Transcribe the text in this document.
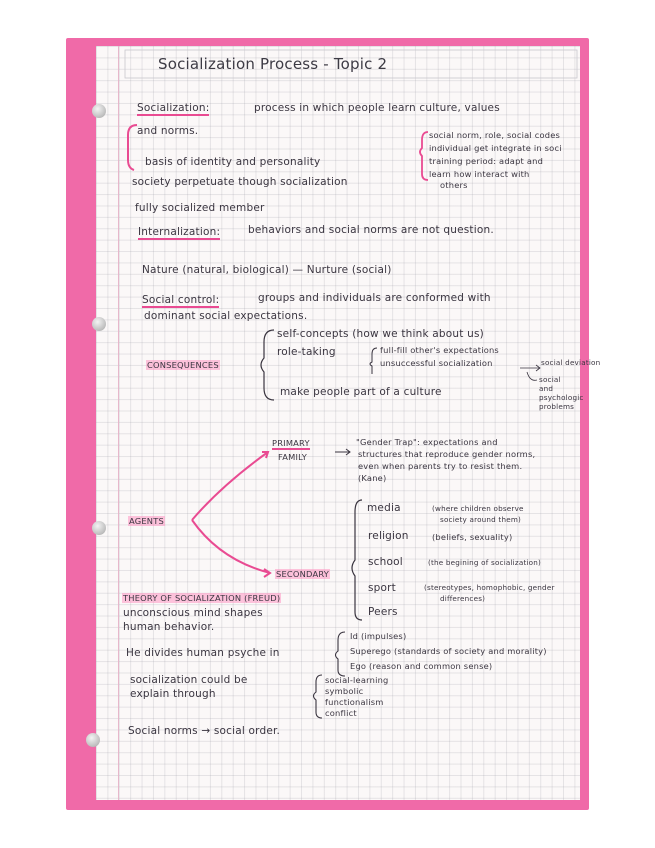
Socialization Process - Topic 2
Socialization:	process in which people learn culture, values
and norms.	social norm, role, social codes
individual get integrate in soci
training period: adapt and
learn how interact with
others
basis of identity and personality
society perpetuate though socialization
fully socialized member
Internalization:	behaviors and social norms are not question.
Nature (natural, biological) — Nurture (social)
Social control:	groups and individuals are conformed with
dominant social expectations.
CONSEQUENCES
self-concepts (how we think about us)
role-taking	full-fill other's expectations
unsuccessful socialization	social deviation
social
and
psychologic
problems
make people part of a culture
PRIMARY
FAMILY
"Gender Trap": expectations and
structures that reproduce gender norms,
even when parents try to resist them.
(Kane)
AGENTS
SECONDARY
media	(where children observe
society around them)
religion	(beliefs, sexuality)
school	(the begining of socialization)
sport	(stereotypes, homophobic, gender
differences)
Peers
THEORY OF SOCIALIZATION (FREUD)
unconscious mind shapes
human behavior.
He divides human psyche in
Id (impulses)
Superego (standards of society and morality)
Ego (reason and common sense)
socialization could be
explain through
social-learning
symbolic
functionalism
conflict
Social norms → social order.
